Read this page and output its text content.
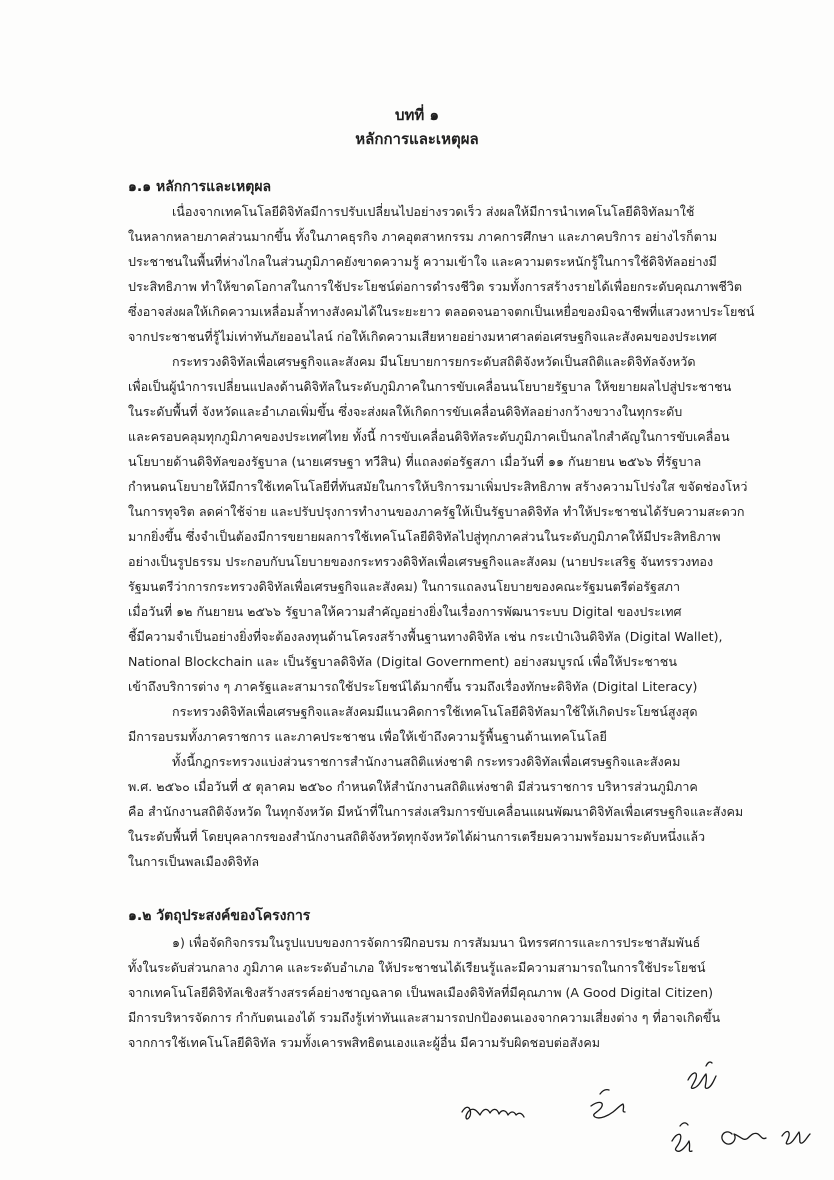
บทที่ ๑
หลักการและเหตุผล
๑.๑ หลักการและเหตุผล
เนื่องจากเทคโนโลยีดิจิทัลมีการปรับเปลี่ยนไปอย่างรวดเร็ว ส่งผลให้มีการนำเทคโนโลยีดิจิทัลมาใช้
ในหลากหลายภาคส่วนมากขึ้น ทั้งในภาคธุรกิจ ภาคอุตสาหกรรม ภาคการศึกษา และภาคบริการ อย่างไรก็ตาม
ประชาชนในพื้นที่ห่างไกลในส่วนภูมิภาคยังขาดความรู้ ความเข้าใจ และความตระหนักรู้ในการใช้ดิจิทัลอย่างมี
ประสิทธิภาพ ทำให้ขาดโอกาสในการใช้ประโยชน์ต่อการดำรงชีวิต รวมทั้งการสร้างรายได้เพื่อยกระดับคุณภาพชีวิต
ซึ่งอาจส่งผลให้เกิดความเหลื่อมล้ำทางสังคมได้ในระยะยาว ตลอดจนอาจตกเป็นเหยื่อของมิจฉาชีพที่แสวงหาประโยชน์
จากประชาชนที่รู้ไม่เท่าทันภัยออนไลน์ ก่อให้เกิดความเสียหายอย่างมหาศาลต่อเศรษฐกิจและสังคมของประเทศ
กระทรวงดิจิทัลเพื่อเศรษฐกิจและสังคม มีนโยบายการยกระดับสถิติจังหวัดเป็นสถิติและดิจิทัลจังหวัด
เพื่อเป็นผู้นำการเปลี่ยนแปลงด้านดิจิทัลในระดับภูมิภาคในการขับเคลื่อนนโยบายรัฐบาล ให้ขยายผลไปสู่ประชาชน
ในระดับพื้นที่ จังหวัดและอำเภอเพิ่มขึ้น ซึ่งจะส่งผลให้เกิดการขับเคลื่อนดิจิทัลอย่างกว้างขวางในทุกระดับ
และครอบคลุมทุกภูมิภาคของประเทศไทย ทั้งนี้ การขับเคลื่อนดิจิทัลระดับภูมิภาคเป็นกลไกสำคัญในการขับเคลื่อน
นโยบายด้านดิจิทัลของรัฐบาล (นายเศรษฐา ทวีสิน) ที่แถลงต่อรัฐสภา เมื่อวันที่ ๑๑ กันยายน ๒๕๖๖ ที่รัฐบาล
กำหนดนโยบายให้มีการใช้เทคโนโลยีที่ทันสมัยในการให้บริการมาเพิ่มประสิทธิภาพ สร้างความโปร่งใส ขจัดช่องโหว่
ในการทุจริต ลดค่าใช้จ่าย และปรับปรุงการทำงานของภาครัฐให้เป็นรัฐบาลดิจิทัล ทำให้ประชาชนได้รับความสะดวก
มากยิ่งขึ้น ซึ่งจำเป็นต้องมีการขยายผลการใช้เทคโนโลยีดิจิทัลไปสู่ทุกภาคส่วนในระดับภูมิภาคให้มีประสิทธิภาพ
อย่างเป็นรูปธรรม ประกอบกับนโยบายของกระทรวงดิจิทัลเพื่อเศรษฐกิจและสังคม (นายประเสริฐ จันทรรวงทอง
รัฐมนตรีว่าการกระทรวงดิจิทัลเพื่อเศรษฐกิจและสังคม) ในการแถลงนโยบายของคณะรัฐมนตรีต่อรัฐสภา
เมื่อวันที่ ๑๒ กันยายน ๒๕๖๖ รัฐบาลให้ความสำคัญอย่างยิ่งในเรื่องการพัฒนาระบบ Digital ของประเทศ
ชี้มีความจำเป็นอย่างยิ่งที่จะต้องลงทุนด้านโครงสร้างพื้นฐานทางดิจิทัล เช่น กระเป๋าเงินดิจิทัล (Digital Wallet),
National Blockchain และ เป็นรัฐบาลดิจิทัล (Digital Government) อย่างสมบูรณ์ เพื่อให้ประชาชน
เข้าถึงบริการต่าง ๆ ภาครัฐและสามารถใช้ประโยชน์ได้มากขึ้น รวมถึงเรื่องทักษะดิจิทัล (Digital Literacy)
กระทรวงดิจิทัลเพื่อเศรษฐกิจและสังคมมีแนวคิดการใช้เทคโนโลยีดิจิทัลมาใช้ให้เกิดประโยชน์สูงสุด
มีการอบรมทั้งภาคราชการ และภาคประชาชน เพื่อให้เข้าถึงความรู้พื้นฐานด้านเทคโนโลยี
ทั้งนี้กฎกระทรวงแบ่งส่วนราชการสำนักงานสถิติแห่งชาติ กระทรวงดิจิทัลเพื่อเศรษฐกิจและสังคม
พ.ศ. ๒๕๖๐ เมื่อวันที่ ๕ ตุลาคม ๒๕๖๐ กำหนดให้สำนักงานสถิติแห่งชาติ มีส่วนราชการ บริหารส่วนภูมิภาค
คือ สำนักงานสถิติจังหวัด ในทุกจังหวัด มีหน้าที่ในการส่งเสริมการขับเคลื่อนแผนพัฒนาดิจิทัลเพื่อเศรษฐกิจและสังคม
ในระดับพื้นที่ โดยบุคลากรของสำนักงานสถิติจังหวัดทุกจังหวัดได้ผ่านการเตรียมความพร้อมมาระดับหนึ่งแล้ว
ในการเป็นพลเมืองดิจิทัล
๑.๒ วัตถุประสงค์ของโครงการ
๑) เพื่อจัดกิจกรรมในรูปแบบของการจัดการฝึกอบรม การสัมมนา นิทรรศการและการประชาสัมพันธ์
ทั้งในระดับส่วนกลาง ภูมิภาค และระดับอำเภอ ให้ประชาชนได้เรียนรู้และมีความสามารถในการใช้ประโยชน์
จากเทคโนโลยีดิจิทัลเชิงสร้างสรรค์อย่างชาญฉลาด เป็นพลเมืองดิจิทัลที่มีคุณภาพ (A Good Digital Citizen)
มีการบริหารจัดการ กำกับตนเองได้ รวมถึงรู้เท่าทันและสามารถปกป้องตนเองจากความเสี่ยงต่าง ๆ ที่อาจเกิดขึ้น
จากการใช้เทคโนโลยีดิจิทัล รวมทั้งเคารพสิทธิตนเองและผู้อื่น มีความรับผิดชอบต่อสังคม
